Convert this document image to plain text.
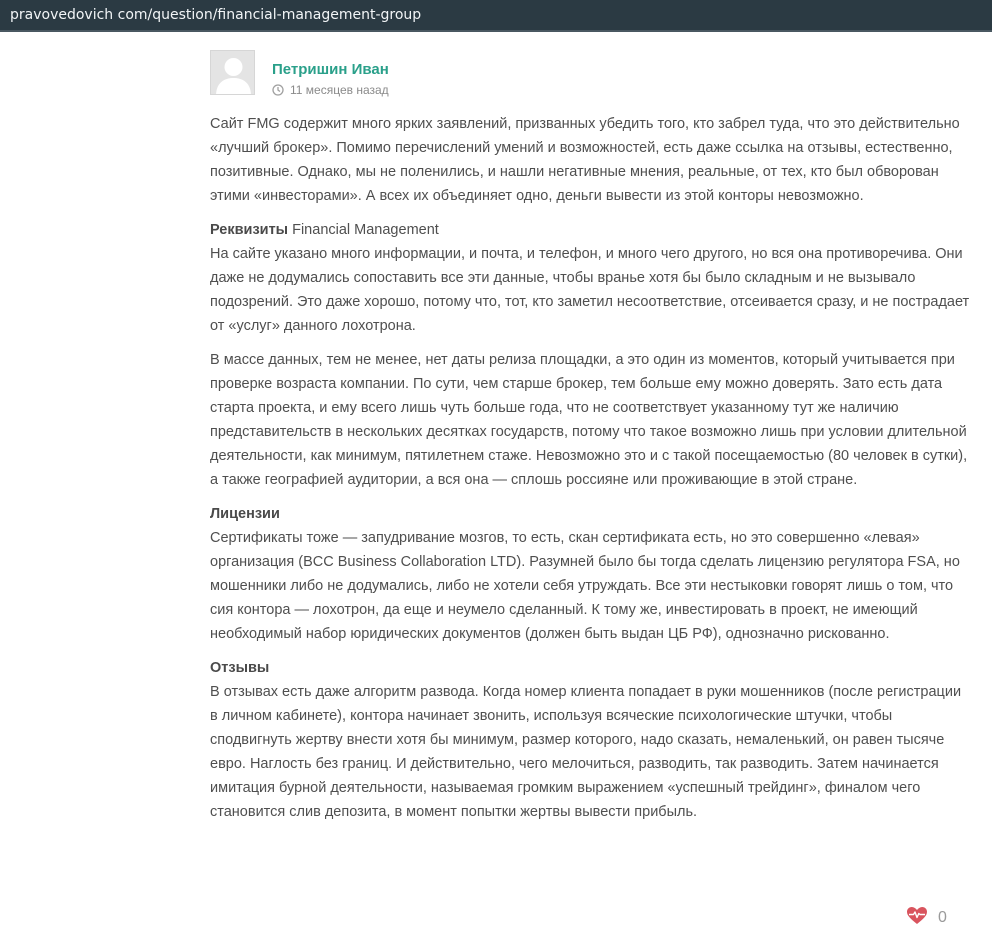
pravovedovich com/question/financial-management-group
Петришин Иван
11 месяцев назад

Сайт FMG содержит много ярких заявлений, призванных убедить того, кто забрел туда, что это действительно «лучший брокер». Помимо перечислений умений и возможностей, есть даже ссылка на отзывы, естественно, позитивные. Однако, мы не поленились, и нашли негативные мнения, реальные, от тех, кто был обворован этими «инвесторами». А всех их объединяет одно, деньги вывести из этой конторы невозможно.

Реквизиты Financial Management
На сайте указано много информации, и почта, и телефон, и много чего другого, но вся она противоречива. Они даже не додумались сопоставить все эти данные, чтобы вранье хотя бы было складным и не вызывало подозрений. Это даже хорошо, потому что, тот, кто заметил несоответствие, отсеивается сразу, и не пострадает от «услуг» данного лохотрона.

В массе данных, тем не менее, нет даты релиза площадки, а это один из моментов, который учитывается при проверке возраста компании. По сути, чем старше брокер, тем больше ему можно доверять. Зато есть дата старта проекта, и ему всего лишь чуть больше года, что не соответствует указанному тут же наличию представительств в нескольких десятках государств, потому что такое возможно лишь при условии длительной деятельности, как минимум, пятилетнем стаже. Невозможно это и с такой посещаемостью (80 человек в сутки), а также географией аудитории, а вся она — сплошь россияне или проживающие в этой стране.

Лицензии
Сертификаты тоже — запудривание мозгов, то есть, скан сертификата есть, но это совершенно «левая» организация (BCC Business Collaboration LTD). Разумней было бы тогда сделать лицензию регулятора FSA, но мошенники либо не додумались, либо не хотели себя утруждать. Все эти нестыковки говорят лишь о том, что сия контора — лохотрон, да еще и неумело сделанный. К тому же, инвестировать в проект, не имеющий необходимый набор юридических документов (должен быть выдан ЦБ РФ), однозначно рискованно.

Отзывы
В отзывах есть даже алгоритм развода. Когда номер клиента попадает в руки мошенников (после регистрации в личном кабинете), контора начинает звонить, используя всяческие психологические штучки, чтобы сподвигнуть жертву внести хотя бы минимум, размер которого, надо сказать, немаленький, он равен тысяче евро. Наглость без границ. И действительно, чего мелочиться, разводить, так разводить. Затем начинается имитация бурной деятельности, называемая громким выражением «успешный трейдинг», финалом чего становится слив депозита, в момент попытки жертвы вывести прибыль.

0
